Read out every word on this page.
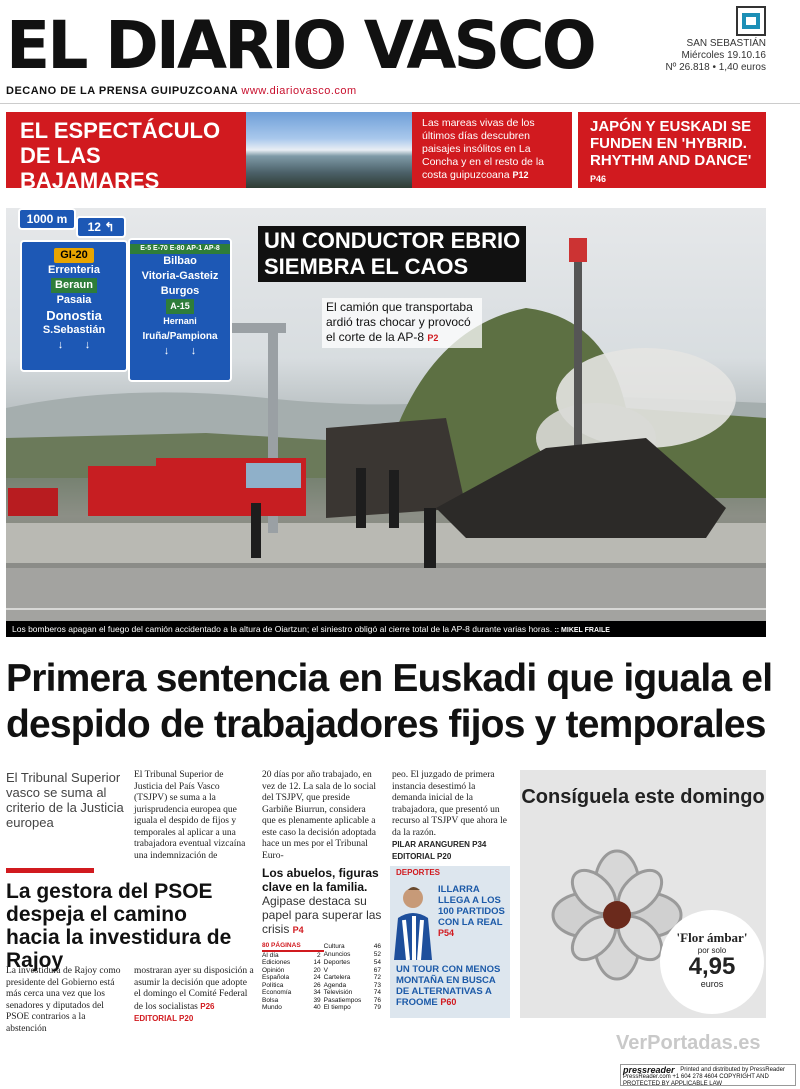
EL DIARIO VASCO
DECANO DE LA PRENSA GUIPUZCOANA www.diariovasco.com
SAN SEBASTIÁN
Miércoles 19.10.16
Nº 26.818 • 1,40 euros
EL ESPECTÁCULO DE LAS BAJAMARES
Las mareas vivas de los últimos días descubren paisajes insólitos en La Concha y en el resto de la costa guipuzcoana P12
JAPÓN Y EUSKADI SE FUNDEN EN 'HYBRID. RHYTHM AND DANCE' P46
1000 m
12 ↰
GI-20
Errenteria
Beraun
Pasaia
Donostia
S.Sebastián
↓       ↓
E-5 E-70 E-80 AP-1 AP-8
Bilbao
Vitoria-Gasteiz
Burgos
A-15
Hernani
Iruña/Pampiona
↓       ↓
UN CONDUCTOR EBRIO
SIEMBRA EL CAOS
El camión que transportaba ardió tras chocar y provocó el corte de la AP-8 P2
Los bomberos apagan el fuego del camión accidentado a la altura de Oiartzun; el siniestro obligó al cierre total de la AP-8 durante varias horas. :: MIKEL FRAILE
Primera sentencia en Euskadi que iguala el despido de trabajadores fijos y temporales
El Tribunal Superior vasco se suma al criterio de la Justicia europea
El Tribunal Superior de Justicia del País Vasco (TSJPV) se suma a la jurisprudencia europea que iguala el despido de fijos y temporales al aplicar a una trabajadora eventual vizcaína una indemnización de
20 días por año trabajado, en vez de 12. La sala de lo social del TSJPV, que preside Garbiñe Biurrun, considera que es plenamente aplicable a este caso la decisión adoptada hace un mes por el Tribunal Euro-
peo. El juzgado de primera instancia desestimó la demanda inicial de la trabajadora, que presentó un recurso al TSJPV que ahora le da la razón.
PILAR ARANGUREN P34
EDITORIAL P20
Consíguela este domingo
'Flor ámbar'
por solo
4,95
euros
La gestora del PSOE despeja el camino hacia la investidura de Rajoy
La investidura de Rajoy como presidente del Gobierno está más cerca una vez que los senadores y diputados del PSOE contrarios a la abstención
mostraran ayer su disposición a asumir la decisión que adopte el domingo el Comité Federal de los socialistas P26 EDITORIAL P20
Los abuelos, figuras clave en la familia.
Agipase destaca su papel para superar las crisis P4
80 PÁGINAS		Cultura	46
Al día	2	Anuncios	52
Ediciones	14	Deportes	54
Opinión	20	V	67
Española	24	Cartelera	72
Política	26	Agenda	73
Economía	34	Televisión	74
Bolsa	39	Pasatiempos	76
Mundo	40	El tiempo	79
DEPORTES
ILLARRA LLEGA A LOS 100 PARTIDOS CON LA REAL
P54
UN TOUR CON MENOS MONTAÑA EN BUSCA DE ALTERNATIVAS A FROOME P60
VerPortadas.es
pressreader Printed and distributed by PressReader PressReader.com +1 604 278 4604 COPYRIGHT AND PROTECTED BY APPLICABLE LAW
